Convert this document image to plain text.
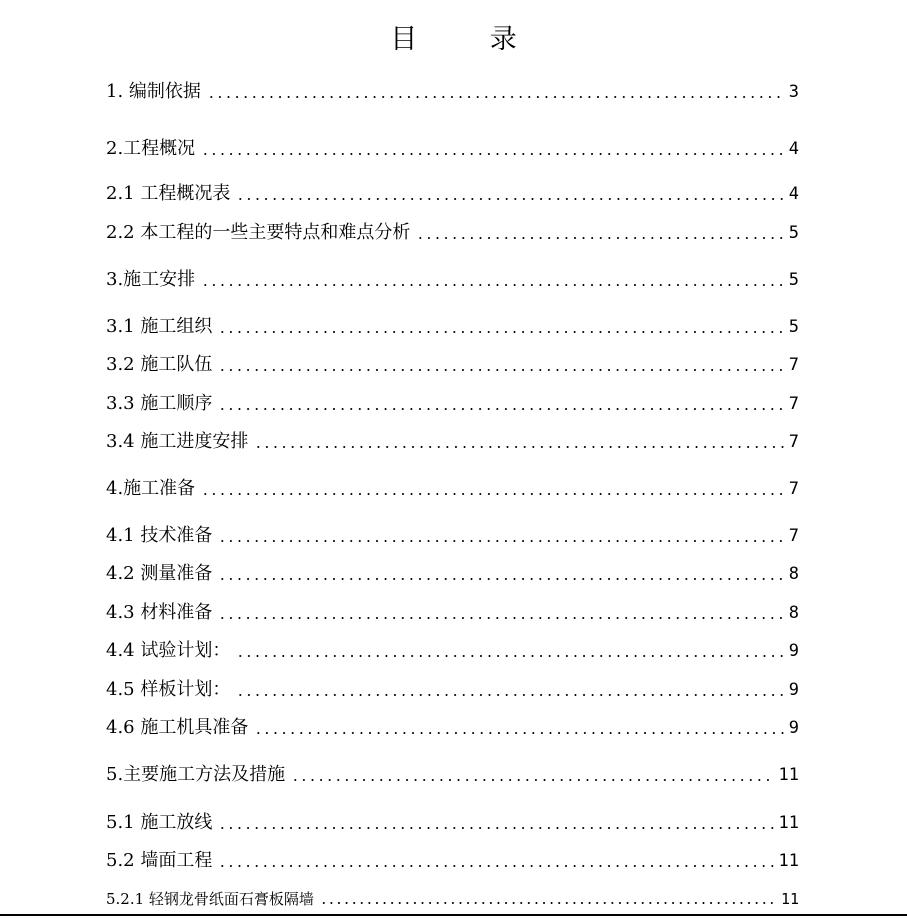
目 录
1. 编制依据	3
2.工程概况	4
2.1 工程概况表	4
2.2 本工程的一些主要特点和难点分析	5
3.施工安排	5
3.1 施工组织	5
3.2 施工队伍	7
3.3 施工顺序	7
3.4 施工进度安排	7
4.施工准备	7
4.1 技术准备	7
4.2 测量准备	8
4.3 材料准备	8
4.4 试验计划：	9
4.5 样板计划：	9
4.6 施工机具准备	9
5.主要施工方法及措施	11
5.1 施工放线	11
5.2 墙面工程	11
5.2.1 轻钢龙骨纸面石膏板隔墙	11
